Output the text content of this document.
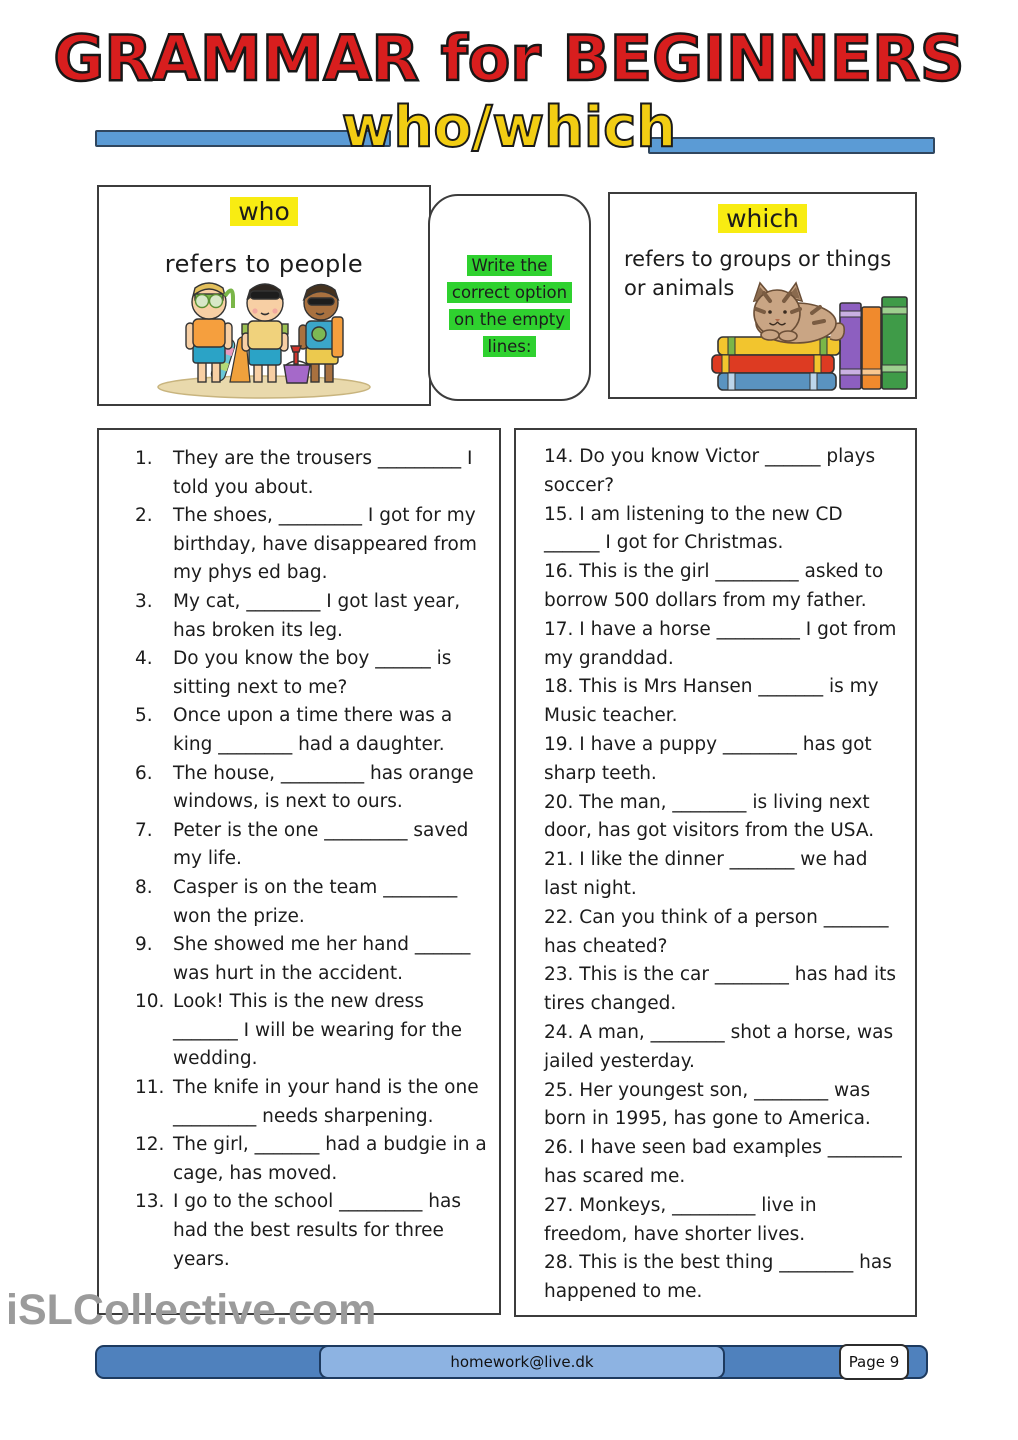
GRAMMAR for BEGINNERS
who/which
who
refers to people	Write the
correct option
on the empty
lines:
which
refers to groups or things or animals
1.	They are the trousers _________ I told you about.
2.	The shoes, _________ I got for my birthday, have disappeared from my phys ed bag.
3.	My cat, ________ I got last year, has broken its leg.
4.	Do you know the boy ______ is sitting next to me?
5.	Once upon a time there was a king ________ had a daughter.
6.	The house, _________ has orange windows, is next to ours.
7.	Peter is the one _________ saved my life.
8.	Casper is on the team ________ won the prize.
9.	She showed me her hand ______ was hurt in the accident.
10. Look! This is the new dress _______ I will be wearing for the wedding.
11. The knife in your hand is the one _________ needs sharpening.
12. The girl, _______ had a budgie in a cage, has moved.
13. I go to the school _________ has had the best results for three years.
14. Do you know Victor ______ plays soccer?
15. I am listening to the new CD ______ I got for Christmas.
16. This is the girl _________ asked to borrow 500 dollars from my father.
17. I have a horse _________ I got from my granddad.
18. This is Mrs Hansen _______ is my Music teacher.
19. I have a puppy ________ has got sharp teeth.
20. The man, ________ is living next door, has got visitors from the USA.
21. I like the dinner _______ we had last night.
22. Can you think of a person _______ has cheated?
23. This is the car ________ has had its tires changed.
24. A man, ________ shot a horse, was jailed yesterday.
25. Her youngest son, ________ was born in 1995, has gone to America.
26. I have seen bad examples ________ has scared me.
27. Monkeys, _________ live in freedom, have shorter lives.
28. This is the best thing ________ has happened to me.
iSLCollective.com
homework@live.dk	Page 9
